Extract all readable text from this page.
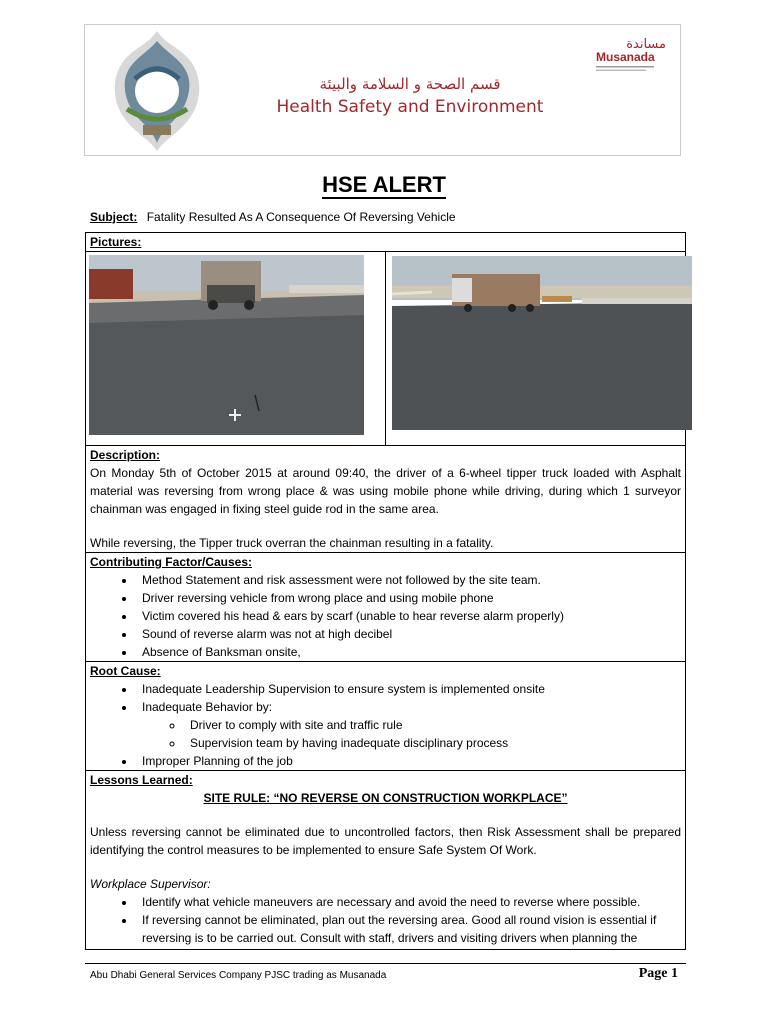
قسم الصحة و السلامة والبيئة
Health Safety and Environment
مساندة
Musanada
HSE ALERT
Subject: Fatality Resulted As A Consequence Of Reversing Vehicle
Pictures:
Description:

On Monday 5th of October 2015 at around 09:40, the driver of a 6-wheel tipper truck loaded with Asphalt material was reversing from wrong place & was using mobile phone while driving, during which 1 surveyor chainman was engaged in fixing steel guide rod in the same area.

While reversing, the Tipper truck overran the chainman resulting in a fatality.

Contributing Factor/Causes:
• Method Statement and risk assessment were not followed by the site team.
• Driver reversing vehicle from wrong place and using mobile phone
• Victim covered his head & ears by scarf (unable to hear reverse alarm properly)
• Sound of reverse alarm was not at high decibel
• Absence of Banksman onsite,
Root Cause:
• Inadequate Leadership Supervision to ensure system is implemented onsite
• Inadequate Behavior by:
◦ Driver to comply with site and traffic rule
◦ Supervision team by having inadequate disciplinary process
• Improper Planning of the job
Lessons Learned:
SITE RULE: “NO REVERSE ON CONSTRUCTION WORKPLACE”

Unless reversing cannot be eliminated due to uncontrolled factors, then Risk Assessment shall be prepared identifying the control measures to be implemented to ensure Safe System Of Work.

Workplace Supervisor:
• Identify what vehicle maneuvers are necessary and avoid the need to reverse where possible.
• If reversing cannot be eliminated, plan out the reversing area. Good all round vision is essential if reversing is to be carried out. Consult with staff, drivers and visiting drivers when planning the
Abu Dhabi General Services Company PJSC trading as Musanada	Page 1
